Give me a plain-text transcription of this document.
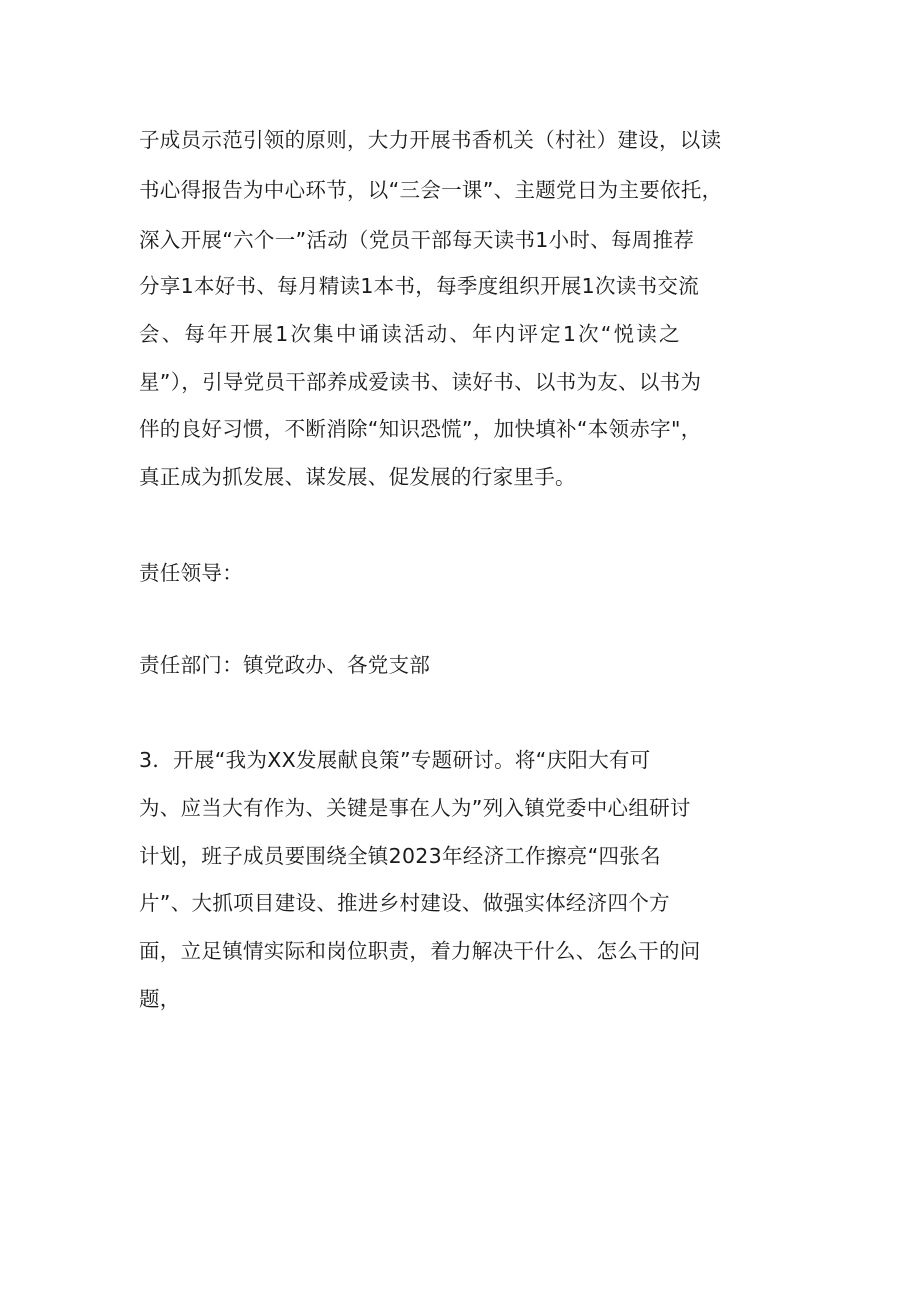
子成员示范引领的原则，大力开展书香机关（村社）建设，以读
书心得报告为中心环节，以“三会一课”、主题党日为主要依托，
深入开展“六个一”活动（党员干部每天读书1小时、每周推荐
分享1本好书、每月精读1本书，每季度组织开展1次读书交流
会、每年开展1次集中诵读活动、年内评定1次“悦读之
星”），引导党员干部养成爱读书、读好书、以书为友、以书为
伴的良好习惯，不断消除“知识恐慌”，加快填补“本领赤字"，
真正成为抓发展、谋发展、促发展的行家里手。
责任领导：
责任部门：镇党政办、各党支部
3．开展“我为XX发展献良策”专题研讨。将“庆阳大有可
为、应当大有作为、关键是事在人为”列入镇党委中心组研讨
计划，班子成员要围绕全镇2023年经济工作擦亮“四张名
片”、大抓项目建设、推进乡村建设、做强实体经济四个方
面，立足镇情实际和岗位职责，着力解决干什么、怎么干的问
题，
